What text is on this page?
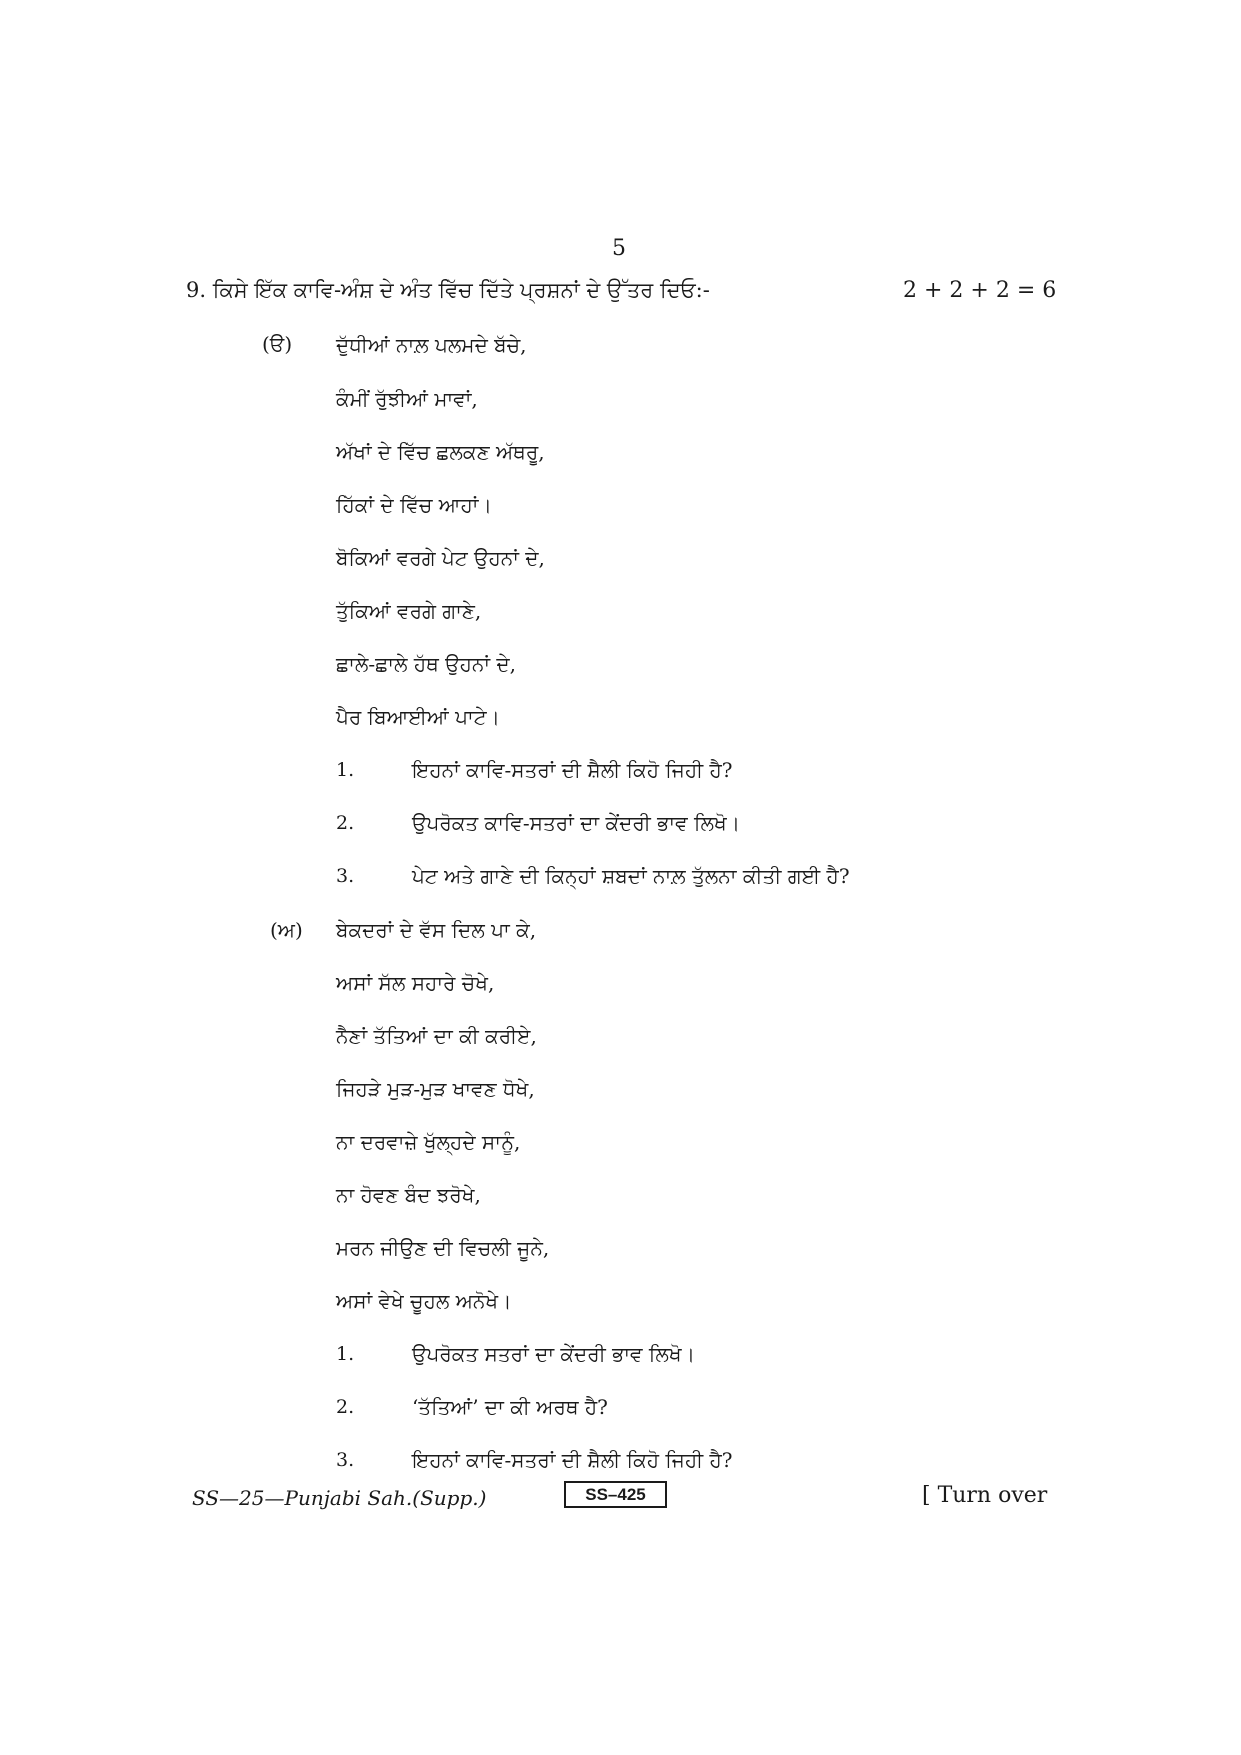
5
9. ਕਿਸੇ ਇੱਕ ਕਾਵਿ-ਅੰਸ਼ ਦੇ ਅੰਤ ਵਿੱਚ ਦਿੱਤੇ ਪ੍ਰਸ਼ਨਾਂ ਦੇ ਉੱਤਰ ਦਿਓ:-	2 + 2 + 2 = 6
(ੳ) ਦੁੱਧੀਆਂ ਨਾਲ਼ ਪਲਮਦੇ ਬੱਚੇ,
ਕੰਮੀਂ ਰੁੱਝੀਆਂ ਮਾਵਾਂ,
ਅੱਖਾਂ ਦੇ ਵਿੱਚ ਛਲਕਣ ਅੱਥਰੂ,
ਹਿੱਕਾਂ ਦੇ ਵਿੱਚ ਆਹਾਂ।
ਬੋਕਿਆਂ ਵਰਗੇ ਪੇਟ ਉਹਨਾਂ ਦੇ,
ਤੁੱਕਿਆਂ ਵਰਗੇ ਗਾਣੇ,
ਛਾਲੇ-ਛਾਲੇ ਹੱਥ ਉਹਨਾਂ ਦੇ,
ਪੈਰ ਬਿਆਈਆਂ ਪਾਟੇ।
1.	ਇਹਨਾਂ ਕਾਵਿ-ਸਤਰਾਂ ਦੀ ਸ਼ੈਲੀ ਕਿਹੋ ਜਿਹੀ ਹੈ?
2.	ਉਪਰੋਕਤ ਕਾਵਿ-ਸਤਰਾਂ ਦਾ ਕੇਂਦਰੀ ਭਾਵ ਲਿਖੋ।
3.	ਪੇਟ ਅਤੇ ਗਾਣੇ ਦੀ ਕਿਨ੍ਹਾਂ ਸ਼ਬਦਾਂ ਨਾਲ਼ ਤੁੱਲਨਾ ਕੀਤੀ ਗਈ ਹੈ?
(ਅ) ਬੇਕਦਰਾਂ ਦੇ ਵੱਸ ਦਿਲ ਪਾ ਕੇ,
ਅਸਾਂ ਸੱਲ ਸਹਾਰੇ ਚੋਖੇ,
ਨੈਣਾਂ ਤੱਤਿਆਂ ਦਾ ਕੀ ਕਰੀਏ,
ਜਿਹੜੇ ਮੁੜ-ਮੁੜ ਖਾਵਣ ਧੋਖੇ,
ਨਾ ਦਰਵਾਜ਼ੇ ਖੁੱਲ੍ਹਦੇ ਸਾਨੂੰ,
ਨਾ ਹੋਵਣ ਬੰਦ ਝਰੋਖੇ,
ਮਰਨ ਜੀਉਣ ਦੀ ਵਿਚਲੀ ਜੂਨੇ,
ਅਸਾਂ ਵੇਖੇ ਚੂਹਲ ਅਨੋਖੇ।
1.	ਉਪਰੋਕਤ ਸਤਰਾਂ ਦਾ ਕੇਂਦਰੀ ਭਾਵ ਲਿਖੋ।
2.	‘ਤੱਤਿਆਂ’ ਦਾ ਕੀ ਅਰਥ ਹੈ?
3.	ਇਹਨਾਂ ਕਾਵਿ-ਸਤਰਾਂ ਦੀ ਸ਼ੈਲੀ ਕਿਹੋ ਜਿਹੀ ਹੈ?
SS—25—Punjabi Sah.(Supp.)	SS–425	[ Turn over
